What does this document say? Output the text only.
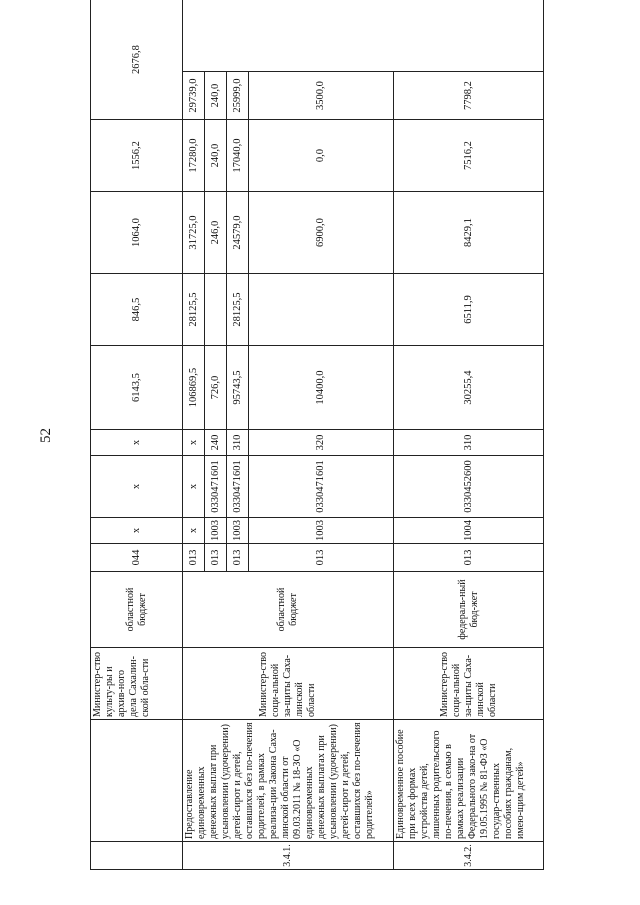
52
		Министер-ство культу-ры и архив-ного дела Сахалин-ской обла-сти	областной бюджет	044	х	х	х	6143,5	846,5	1064,0	1556,2	2676,8	
3.4.1.	Предоставление единовременных денежных выплат при усыновлении (удочерении) детей-сирот и детей, оставшихся без по-печения родителей, в рамках реализа-ции Закона Саха-линской области от 09.03.2011 № 18-ЗО «О единовременных денежных выплатах при усыновлении (удочерении) детей-сирот и детей, оставшихся без по-печения родителей»	Министер-ство соци-альной за-щиты Саха-линской области	областной бюджет	013	х	х	х	106869,5	28125,5	31725,0	17280,0	29739,0	
				013	1003	0330471601	240	726,0		246,0	240,0	240,0	
				013	1003	0330471601	310	95743,5	28125,5	24579,0	17040,0	25999,0	
				013	1003	0330471601	320	10400,0		6900,0	0,0	3500,0	
3.4.2.	Единовременное пособие при всех формах устройства детей, лишенных родительского по-печения, в семью в рамках реализации Федерального зако-на от 19.05.1995 № 81-ФЗ «О государ-ственных пособиях гражданам, имею-щим детей»	Министер-ство соци-альной за-щиты Саха-линской области	федераль-ный бюд-жет	013	1004	0330452600	310	30255,4	6511,9	8429,1	7516,2	7798,2	
